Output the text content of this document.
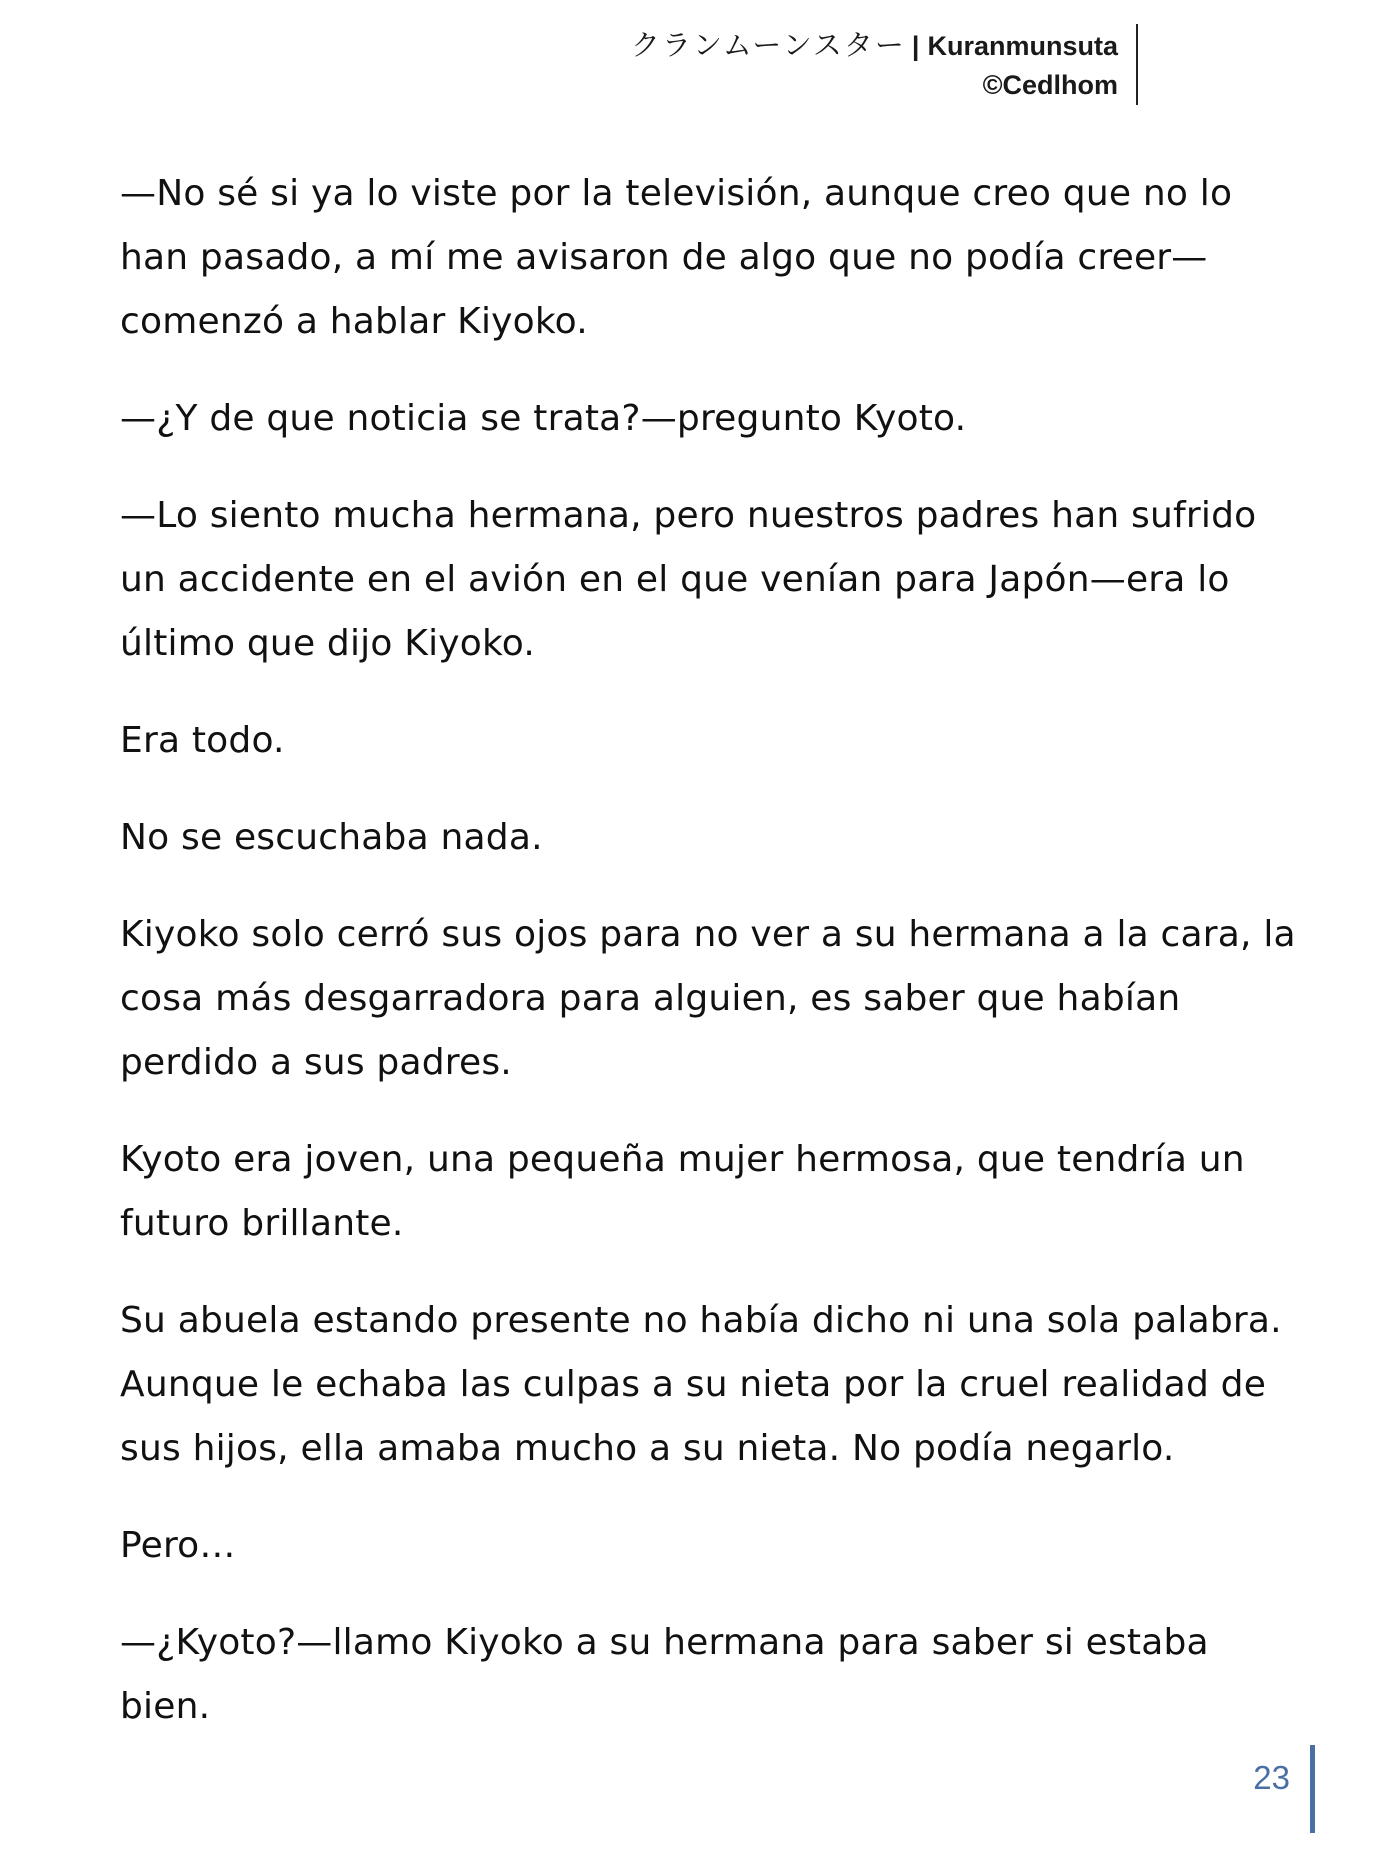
クランムーンスター | Kuranmunsuta
©Cedlhom

—No sé si ya lo viste por la televisión, aunque creo que no lo han pasado, a mí me avisaron de algo que no podía creer—comenzó a hablar Kiyoko.

—¿Y de que noticia se trata?—pregunto Kyoto.

—Lo siento mucha hermana, pero nuestros padres han sufrido un accidente en el avión en el que venían para Japón—era lo último que dijo Kiyoko.

Era todo.

No se escuchaba nada.

Kiyoko solo cerró sus ojos para no ver a su hermana a la cara, la cosa más desgarradora para alguien, es saber que habían perdido a sus padres.

Kyoto era joven, una pequeña mujer hermosa, que tendría un futuro brillante.

Su abuela estando presente no había dicho ni una sola palabra. Aunque le echaba las culpas a su nieta por la cruel realidad de sus hijos, ella amaba mucho a su nieta. No podía negarlo.

Pero…

—¿Kyoto?—llamo Kiyoko a su hermana para saber si estaba bien.

23
